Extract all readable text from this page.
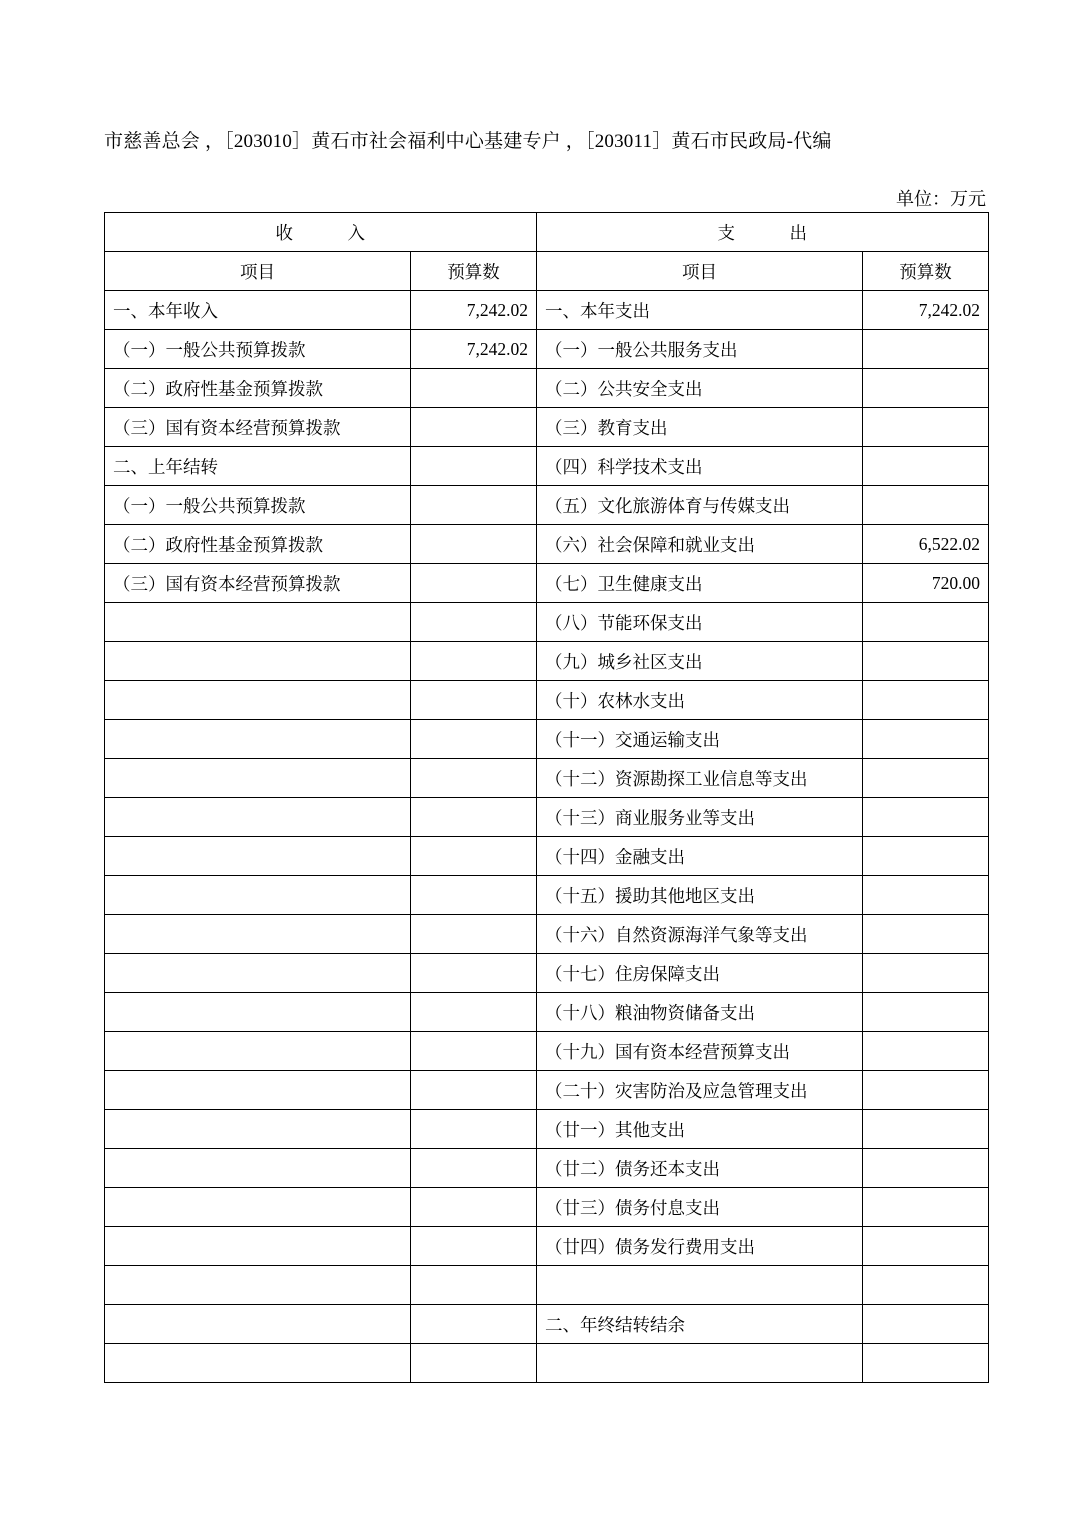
市慈善总会 ，［203010］黄石市社会福利中心基建专户 ，［203011］黄石市民政局-代编
单位：万元
收　　　入		支　　　出	
项目	预算数	项目	预算数
一、本年收入	7,242.02	一、本年支出	7,242.02
（一）一般公共预算拨款	7,242.02	（一）一般公共服务支出	
（二）政府性基金预算拨款		（二）公共安全支出	
（三）国有资本经营预算拨款		（三）教育支出	
二、上年结转		（四）科学技术支出	
（一）一般公共预算拨款		（五）文化旅游体育与传媒支出	
（二）政府性基金预算拨款		（六）社会保障和就业支出	6,522.02
（三）国有资本经营预算拨款		（七）卫生健康支出	720.00
		（八）节能环保支出	
		（九）城乡社区支出	
		（十）农林水支出	
		（十一）交通运输支出	
		（十二）资源勘探工业信息等支出	
		（十三）商业服务业等支出	
		（十四）金融支出	
		（十五）援助其他地区支出	
		（十六）自然资源海洋气象等支出	
		（十七）住房保障支出	
		（十八）粮油物资储备支出	
		（十九）国有资本经营预算支出	
		（二十）灾害防治及应急管理支出	
		（廿一）其他支出	
		（廿二）债务还本支出	
		（廿三）债务付息支出	
		（廿四）债务发行费用支出	

		二、年终结转结余	
